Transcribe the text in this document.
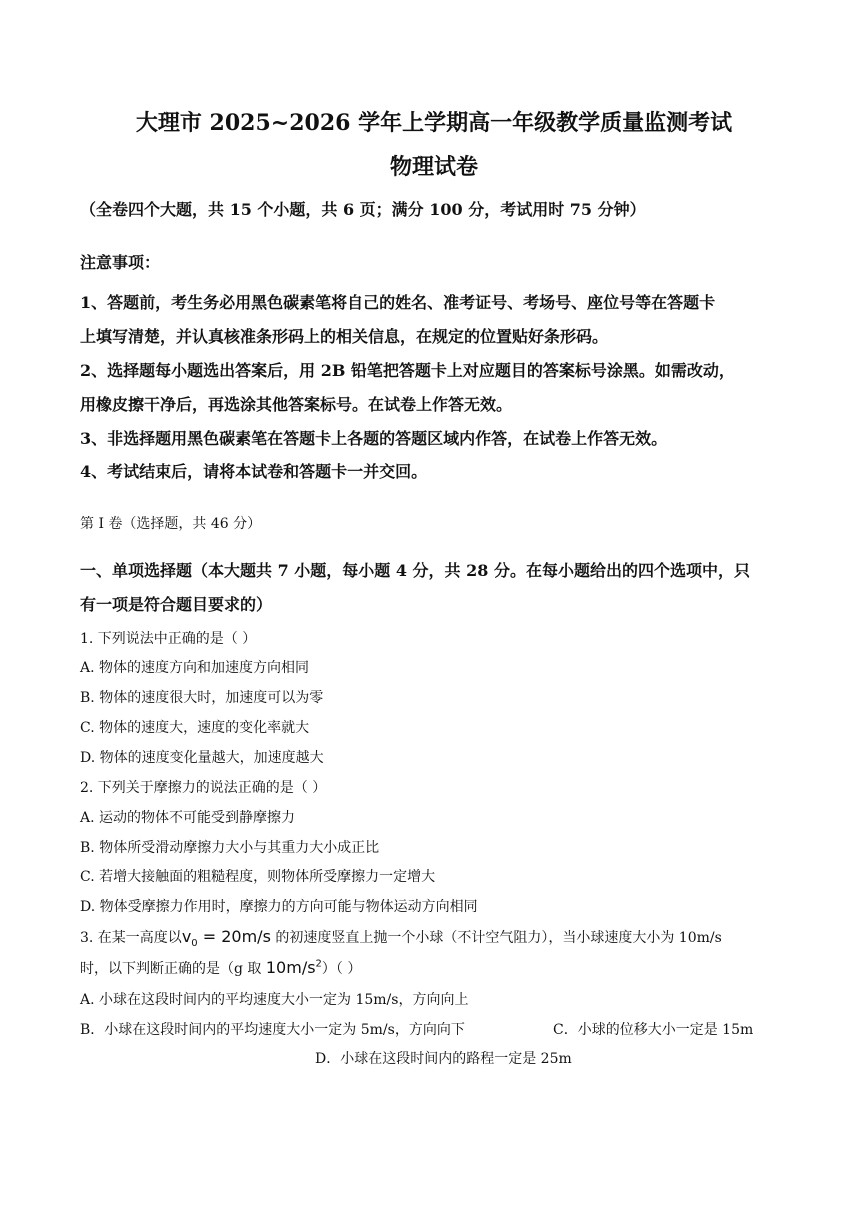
大理市 2025~2026 学年上学期高一年级教学质量监测考试
物理试卷
（全卷四个大题，共 15 个小题，共 6 页；满分 100 分，考试用时 75 分钟）
注意事项：
1、答题前，考生务必用黑色碳素笔将自己的姓名、准考证号、考场号、座位号等在答题卡
上填写清楚，并认真核准条形码上的相关信息，在规定的位置贴好条形码。
2、选择题每小题选出答案后，用 2B 铅笔把答题卡上对应题目的答案标号涂黑。如需改动，
用橡皮擦干净后，再选涂其他答案标号。在试卷上作答无效。
3、非选择题用黑色碳素笔在答题卡上各题的答题区域内作答，在试卷上作答无效。
4、考试结束后，请将本试卷和答题卡一并交回。
第 I 卷（选择题，共 46 分）
一、单项选择题（本大题共 7 小题，每小题 4 分，共 28 分。在每小题给出的四个选项中，只
有一项是符合题目要求的）
1. 下列说法中正确的是（ ）
A. 物体的速度方向和加速度方向相同
B. 物体的速度很大时，加速度可以为零
C. 物体的速度大，速度的变化率就大
D. 物体的速度变化量越大，加速度越大
2. 下列关于摩擦力的说法正确的是（ ）
A. 运动的物体不可能受到静摩擦力
B. 物体所受滑动摩擦力大小与其重力大小成正比
C. 若增大接触面的粗糙程度，则物体所受摩擦力一定增大
D. 物体受摩擦力作用时，摩擦力的方向可能与物体运动方向相同
3. 在某一高度以$v_0 = 20m/s$ 的初速度竖直上抛一个小球（不计空气阻力），当小球速度大小为 10m/s
时，以下判断正确的是（g 取 $10m/s^2$）（ ）
A. 小球在这段时间内的平均速度大小一定为 15m/s，方向向上
B．小球在这段时间内的平均速度大小一定为 5m/s，方向向下	C．小球的位移大小一定是 15m
D．小球在这段时间内的路程一定是 25m
